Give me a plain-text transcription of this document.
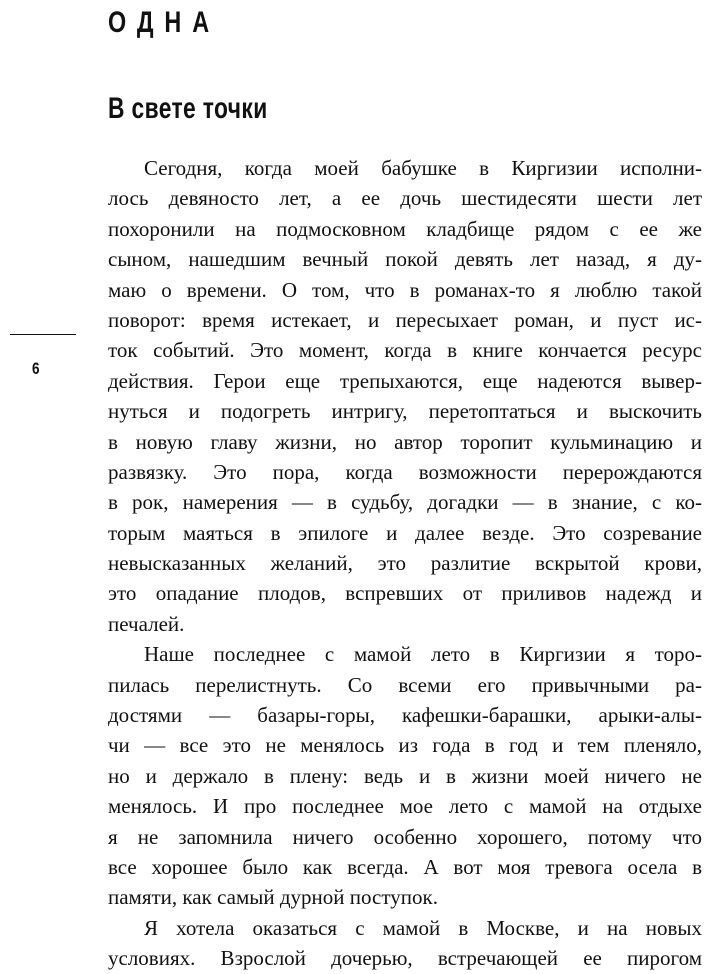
ОДНА
В свете точки
6
Сегодня, когда моей бабушке в Киргизии исполни-
лось девяносто лет, а ее дочь шестидесяти шести лет
похоронили на подмосковном кладбище рядом с ее же
сыном, нашедшим вечный покой девять лет назад, я ду-
маю о времени. О том, что в романах-то я люблю такой
поворот: время истекает, и пересыхает роман, и пуст ис-
ток событий. Это момент, когда в книге кончается ресурс
действия. Герои еще трепыхаются, еще надеются вывер-
нуться и подогреть интригу, перетоптаться и выскочить
в новую главу жизни, но автор торопит кульминацию и
развязку. Это пора, когда возможности перерождаются
в рок, намерения — в судьбу, догадки — в знание, с ко-
торым маяться в эпилоге и далее везде. Это созревание
невысказанных желаний, это разлитие вскрытой крови,
это опадание плодов, вспревших от приливов надежд и
печалей.
Наше последнее с мамой лето в Киргизии я торо-
пилась перелистнуть. Со всеми его привычными ра-
достями — базары-горы, кафешки-барашки, арыки-алы-
чи — все это не менялось из года в год и тем пленяло,
но и держало в плену: ведь и в жизни моей ничего не
менялось. И про последнее мое лето с мамой на отдыхе
я не запомнила ничего особенно хорошего, потому что
все хорошее было как всегда. А вот моя тревога осела в
памяти, как самый дурной поступок.
Я хотела оказаться с мамой в Москве, и на новых
условиях. Взрослой дочерью, встречающей ее пирогом
